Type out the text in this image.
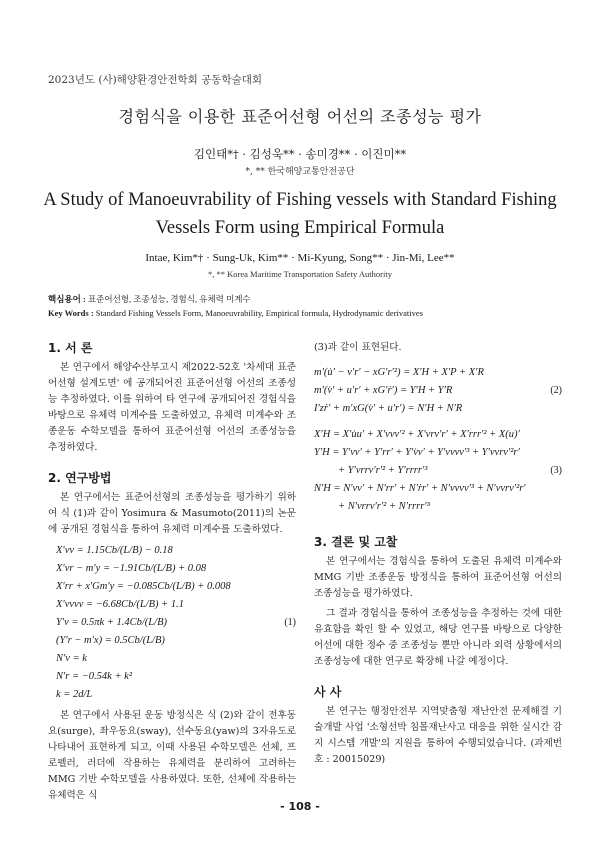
2023년도 (사)해양환경안전학회 공동학술대회
경험식을 이용한 표준어선형 어선의 조종성능 평가
김인태*† · 김성욱** · 송미경** · 이진미**
*, ** 한국해양교통안전공단
A Study of Manoeuvrability of Fishing vessels with Standard Fishing
Vessels Form using Empirical Formula
Intae, Kim*† · Sung-Uk, Kim** · Mi-Kyung, Song** · Jin-Mi, Lee**
*, ** Korea Maritime Transportation Safety Authority
핵심용어 : 표준어선형, 조종성능, 경험식, 유체력 미계수
Key Words : Standard Fishing Vessels Form, Manoeuvrability, Empirical formula, Hydrodynamic derivatives

1. 서 론

본 연구에서 해양수산부고시 제2022-52호 '차세대 표준어선형 설계도면' 에 공개되어진 표준어선형 어선의 조종성능 추정하였다. 이를 위하여 타 연구에 공개되어진 경험식을 바탕으로 유체력 미계수를 도출하였고, 유체력 미계수와 조종운동 수학모델을 통하여 표준어선형 어선의 조종성능을 추정하였다.

2. 연구방법

본 연구에서는 표준어선형의 조종성능을 평가하기 위하여 식 (1)과 같이 Yosimura & Masumoto(2011)의 논문에 공개된 경험식을 통하여 유체력 미계수를 도출하였다.

X′vv = 1.15Cb/(L/B) − 0.18
X′vr − m′y = −1.91Cb/(L/B) + 0.08
X′rr + x′Gm′y = −0.085Cb/(L/B) + 0.008
X′vvvv = −6.68Cb/(L/B) + 1.1
Y′v = 0.5πk + 1.4Cb/(L/B)
(Y′r − m′x) = 0.5Cb/(L/B)
N′v = k
N′r = −0.54k + k²
k = 2d/L
(1)

본 연구에서 사용된 운동 방정식은 식 (2)와 같이 전후동요(surge), 좌우동요(sway), 선수동요(yaw)의 3자유도로 나타내어 표현하게 되고, 이때 사용된 수학모델은 선체, 프로펠러, 러더에 작용하는 유체력을 분리하여 고려하는 MMG 기반 수학모델을 사용하였다. 또한, 선체에 작용하는 유체력은 식

(3)과 같이 표현된다.

m′(u̇′ − v′r′ − xG′r′²) = X′H + X′P + X′R
m′(v̇′ + u′r′ + xG′ṙ′) = Y′H + Y′R
I′zṙ′ + m′xG(v̇′ + u′r′) = N′H + N′R
(2)
X′H = X′u̇u′ + X′vvv′² + X′vrv′r′ + X′rrr′² + X(u)′
Y′H = Y′vv′ + Y′rr′ + Y′v̇v′ + Y′vvvv′³ + Y′vvrv′²r′
+ Y′vrrv′r′² + Y′rrrr′³
N′H = N′vv′ + N′rr′ + N′ṙr′ + N′vvvv′³ + N′vvrv′²r′
+ N′vrrv′r′² + N′rrrr′³
(3)

3. 결론 및 고찰

본 연구에서는 경험식을 통하여 도출된 유체력 미계수와 MMG 기반 조종운동 방정식을 통하여 표준어선형 어선의 조종성능을 평가하였다.

그 결과 경험식을 통하여 조종성능을 추정하는 것에 대한 유효함을 확인 할 수 있었고, 해당 연구를 바탕으로 다양한 어선에 대한 정수 중 조종성능 뿐만 아니라 외력 상황에서의 조종성능에 대한 연구로 확장해 나갈 예정이다.

사 사

본 연구는 행정안전부 지역맞춤형 재난안전 문제해결 기술개발 사업 '소형선박 침몰재난사고 대응을 위한 실시간 감지 시스템 개발'의 지원을 통하여 수행되었습니다. (과제번호 : 20015029)

- 108 -
